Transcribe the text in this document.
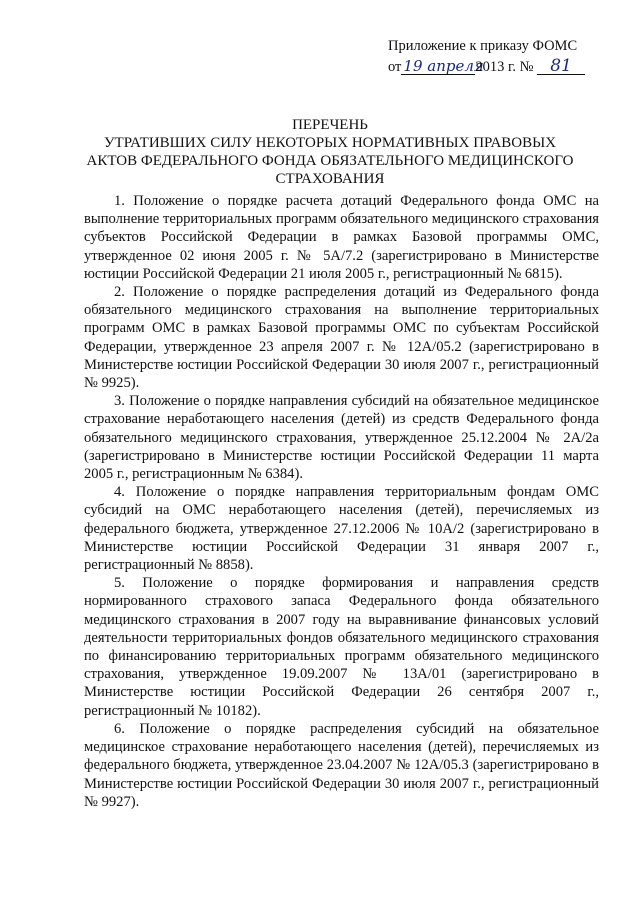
Приложение к приказу ФОМС
от 19 апреля2013 г. № 81
ПЕРЕЧЕНЬ
УТРАТИВШИХ СИЛУ НЕКОТОРЫХ НОРМАТИВНЫХ ПРАВОВЫХ
АКТОВ ФЕДЕРАЛЬНОГО ФОНДА ОБЯЗАТЕЛЬНОГО МЕДИЦИНСКОГО
СТРАХОВАНИЯ

1. Положение о порядке расчета дотаций Федерального фонда ОМС на выполнение территориальных программ обязательного медицинского страхования субъектов Российской Федерации в рамках Базовой программы ОМС, утвержденное 02 июня 2005 г. № 5А/7.2 (зарегистрировано в Министерстве юстиции Российской Федерации 21 июля 2005 г., регистрационный № 6815).

2. Положение о порядке распределения дотаций из Федерального фонда обязательного медицинского страхования на выполнение территориальных программ ОМС в рамках Базовой программы ОМС по субъектам Российской Федерации, утвержденное 23 апреля 2007 г. № 12А/05.2 (зарегистрировано в Министерстве юстиции Российской Федерации 30 июля 2007 г., регистрационный № 9925).

3. Положение о порядке направления субсидий на обязательное медицинское страхование неработающего населения (детей) из средств Федерального фонда обязательного медицинского страхования, утвержденное 25.12.2004 № 2А/2а (зарегистрировано в Министерстве юстиции Российской Федерации 11 марта 2005 г., регистрационным № 6384).

4. Положение о порядке направления территориальным фондам ОМС субсидий на ОМС неработающего населения (детей), перечисляемых из федерального бюджета, утвержденное 27.12.2006 № 10А/2 (зарегистрировано в Министерстве юстиции Российской Федерации 31 января 2007 г., регистрационный № 8858).

5. Положение о порядке формирования и направления средств нормированного страхового запаса Федерального фонда обязательного медицинского страхования в 2007 году на выравнивание финансовых условий деятельности территориальных фондов обязательного медицинского страхования по финансированию территориальных программ обязательного медицинского страхования, утвержденное 19.09.2007 № 13А/01 (зарегистрировано в Министерстве юстиции Российской Федерации 26 сентября 2007 г., регистрационный № 10182).

6. Положение о порядке распределения субсидий на обязательное медицинское страхование неработающего населения (детей), перечисляемых из федерального бюджета, утвержденное 23.04.2007 № 12А/05.3 (зарегистрировано в Министерстве юстиции Российской Федерации 30 июля 2007 г., регистрационный № 9927).
